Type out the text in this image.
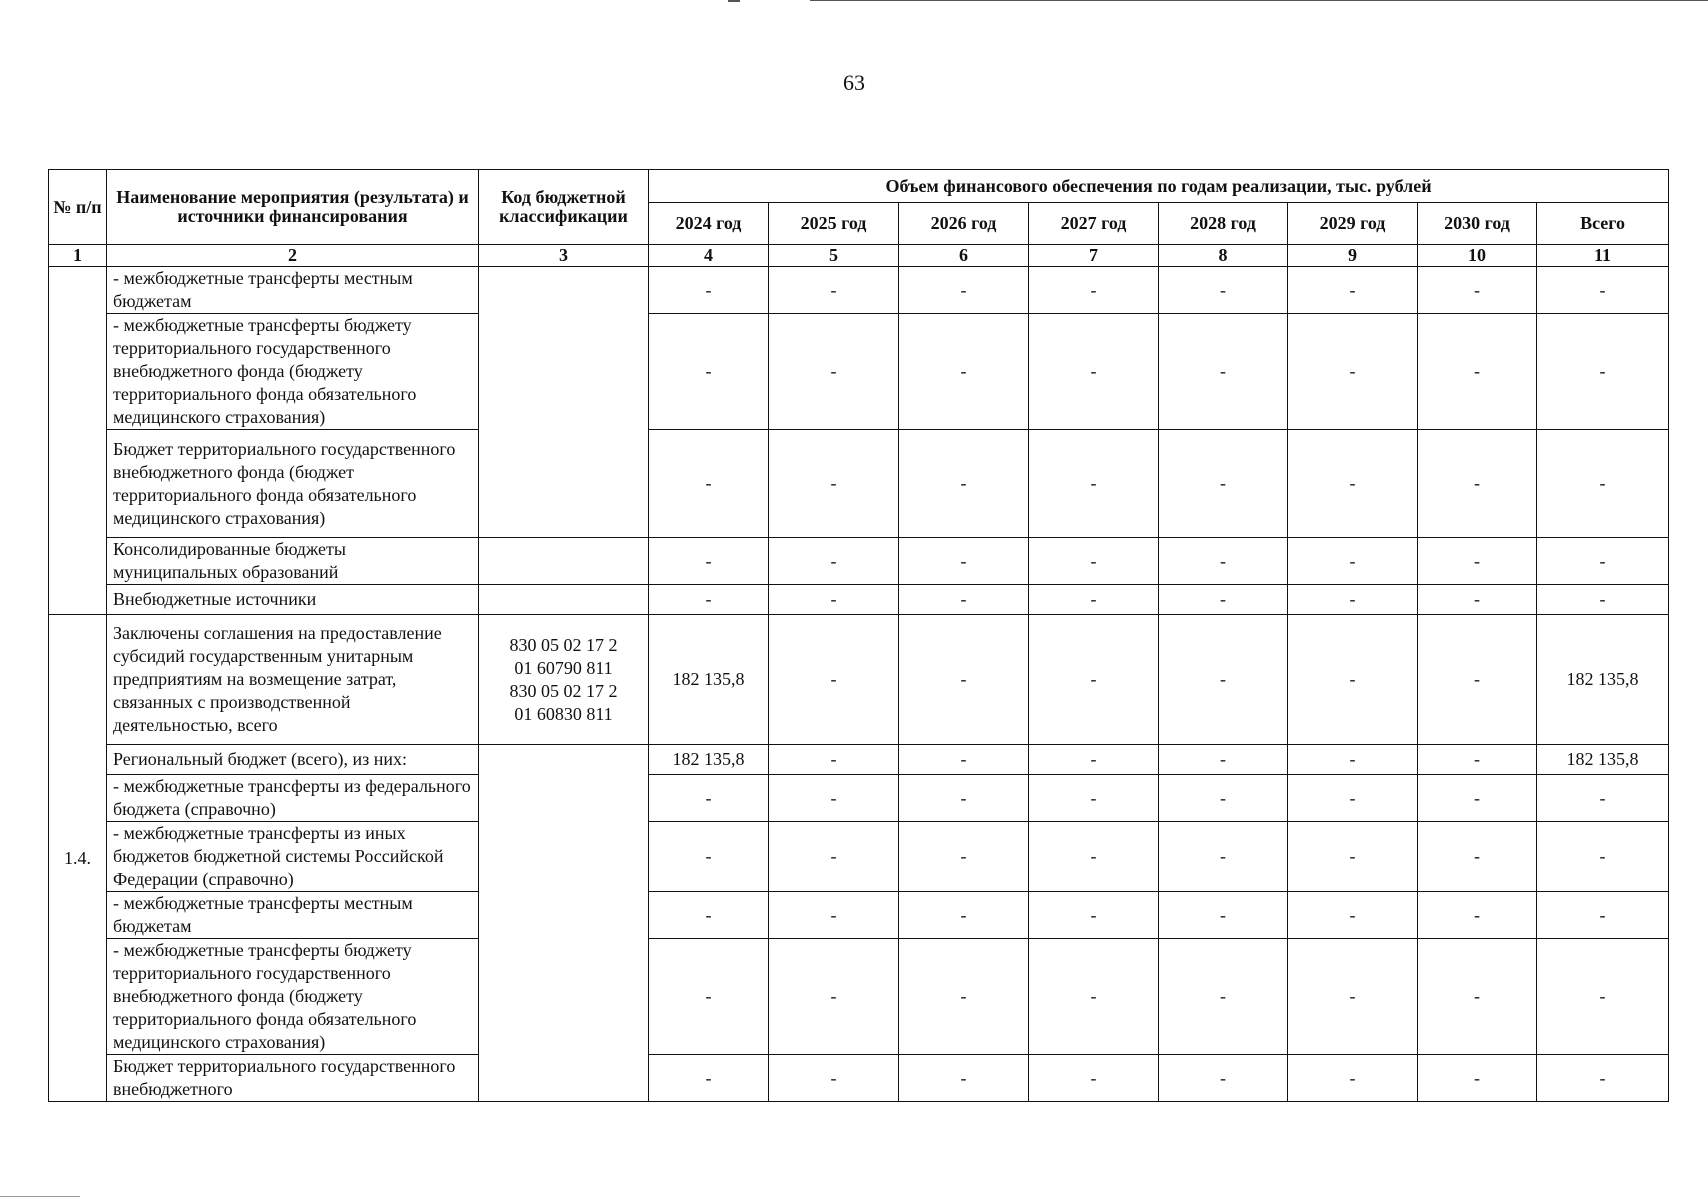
63
№ п/п	Наименование мероприятия (результата) и источники финансирования	Код бюджетной классификации	Объем финансового обеспечения по годам реализации, тыс. рублей							
			2024 год	2025 год	2026 год	2027 год	2028 год	2029 год	2030 год	Всего
1	2	3	4	5	6	7	8	9	10	11
	- межбюджетные трансферты местным бюджетам		-	-	-	-	-	-	-	-
	- межбюджетные трансферты бюджету территориального государственного внебюджетного фонда (бюджету территориального фонда обязательного медицинского страхования)		-	-	-	-	-	-	-	-
	Бюджет территориального государственного внебюджетного фонда (бюджет территориального фонда обязательного медицинского страхования)		-	-	-	-	-	-	-	-
	Консолидированные бюджеты муниципальных образований		-	-	-	-	-	-	-	-
	Внебюджетные источники		-	-	-	-	-	-	-	-
1.4.	Заключены соглашения на предоставление субсидий государственным унитарным предприятиям на возмещение затрат, связанных с производственной деятельностью, всего	830 05 02 17 2
01 60790 811
830 05 02 17 2
01 60830 811	182 135,8	-	-	-	-	-	-	182 135,8
	Региональный бюджет (всего), из них:		182 135,8	-	-	-	-	-	-	182 135,8
	- межбюджетные трансферты из федерального бюджета (справочно)		-	-	-	-	-	-	-	-
	- межбюджетные трансферты из иных бюджетов бюджетной системы Российской Федерации (справочно)		-	-	-	-	-	-	-	-
	- межбюджетные трансферты местным бюджетам		-	-	-	-	-	-	-	-
	- межбюджетные трансферты бюджету территориального государственного внебюджетного фонда (бюджету территориального фонда обязательного медицинского страхования)		-	-	-	-	-	-	-	-
	Бюджет территориального государственного внебюджетного		-	-	-	-	-	-	-	-
